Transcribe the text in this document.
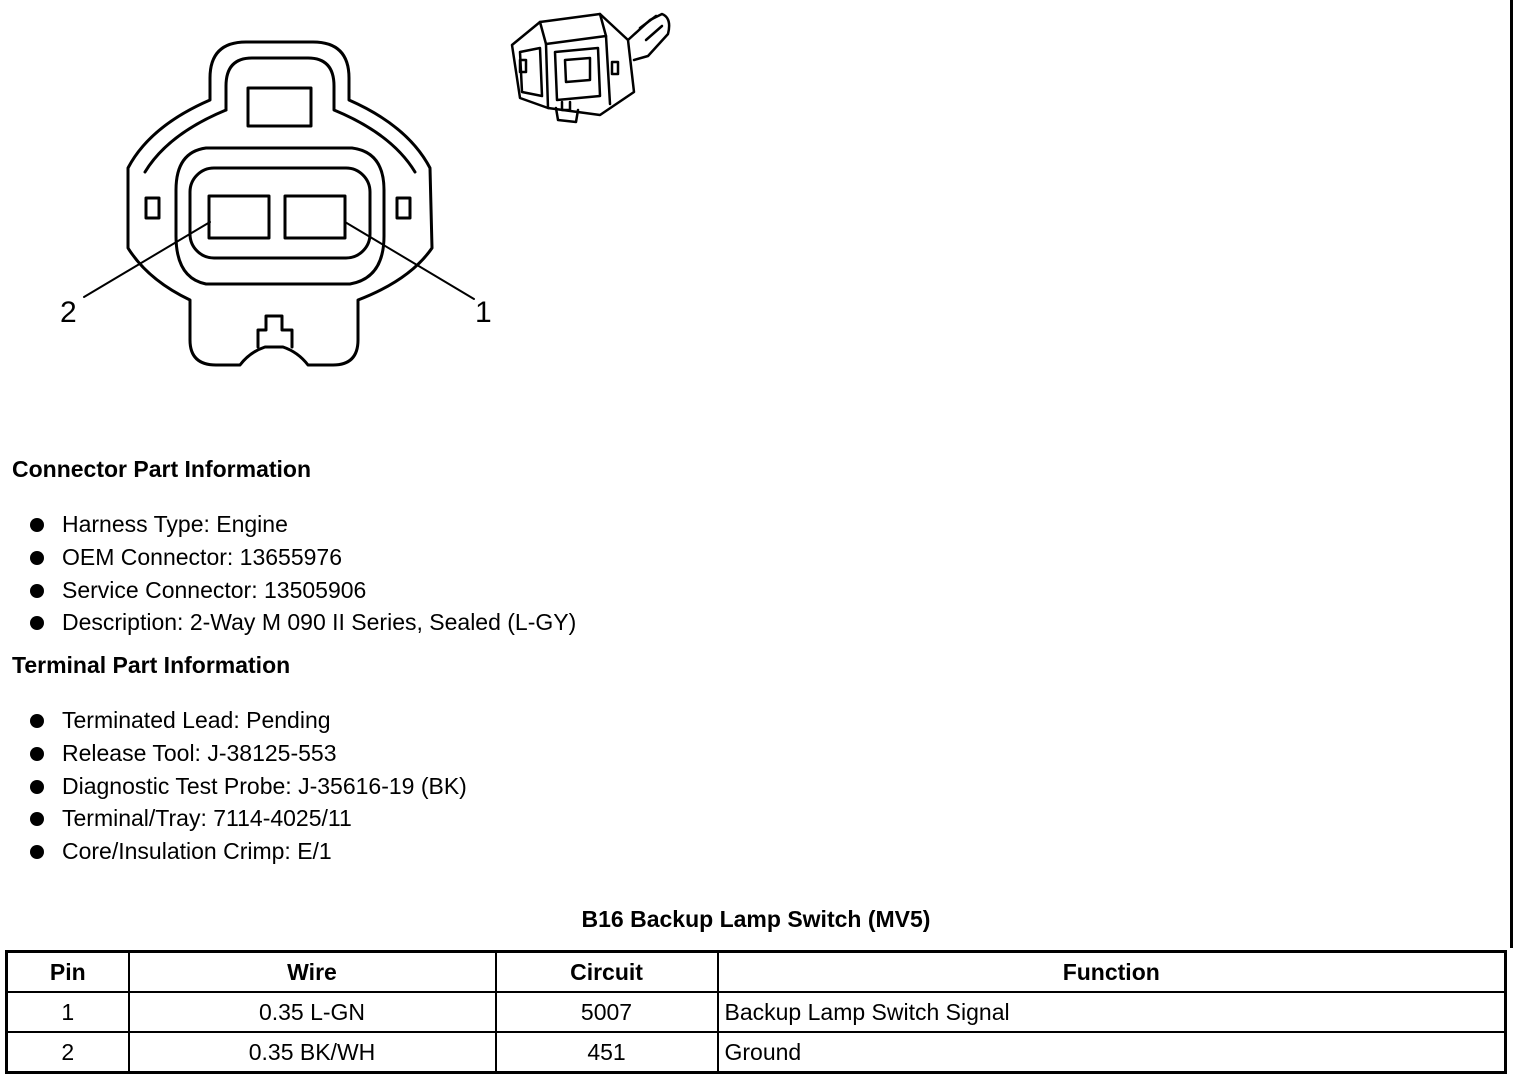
2	1
Connector Part Information
Harness Type: Engine
OEM Connector: 13655976
Service Connector: 13505906
Description: 2-Way M 090 II Series, Sealed (L-GY)
Terminal Part Information
Terminated Lead: Pending
Release Tool: J-38125-553
Diagnostic Test Probe: J-35616-19 (BK)
Terminal/Tray: 7114-4025/11
Core/Insulation Crimp: E/1
B16 Backup Lamp Switch (MV5)
Pin	Wire	Circuit	Function
1	0.35 L-GN	5007	Backup Lamp Switch Signal
2	0.35 BK/WH	451	Ground
